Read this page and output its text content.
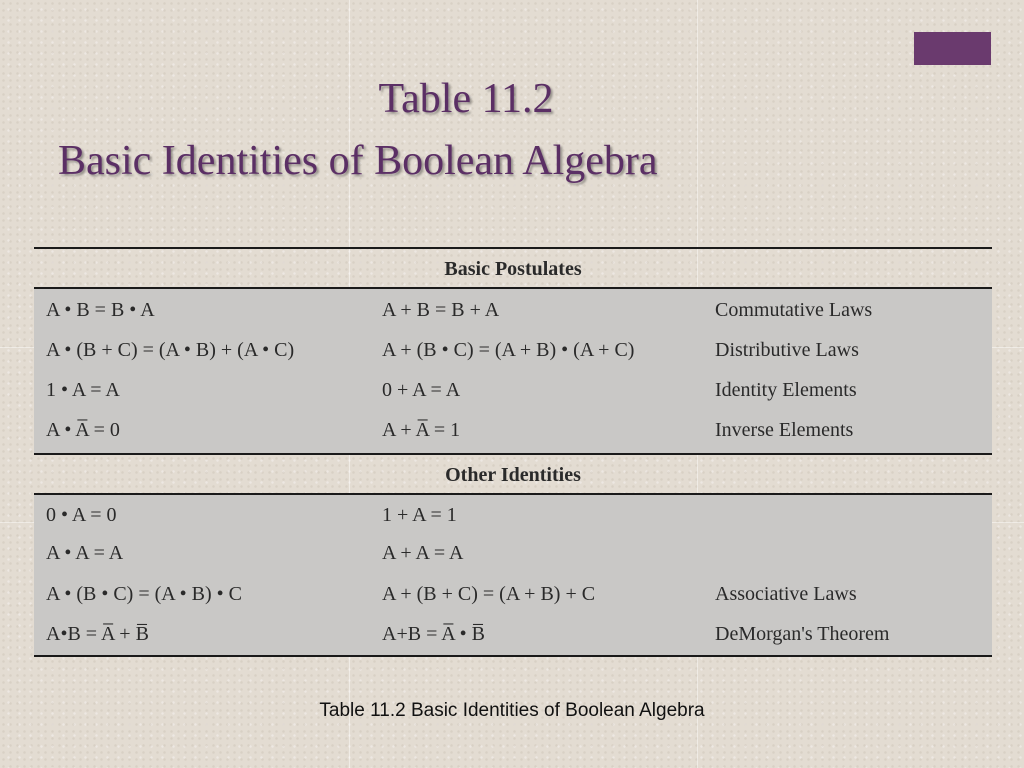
Table 11.2
Basic Identities of Boolean Algebra
Basic Postulates
A • B = B • A	A + B = B + A	Commutative Laws
A • (B + C) = (A • B) + (A • C)	A + (B • C) = (A + B) • (A + C)	Distributive Laws
1 • A = A	0 + A = A	Identity Elements
A • A̅ = 0	A + A̅ = 1	Inverse Elements
Other Identities
0 • A = 0	1 + A = 1
A • A = A	A + A = A
A • (B • C) = (A • B) • C	A + (B + C) = (A + B) + C	Associative Laws
A•B = A̅ + B̅	A+B = A̅ • B̅	DeMorgan's Theorem
Table 11.2 Basic Identities of Boolean Algebra
